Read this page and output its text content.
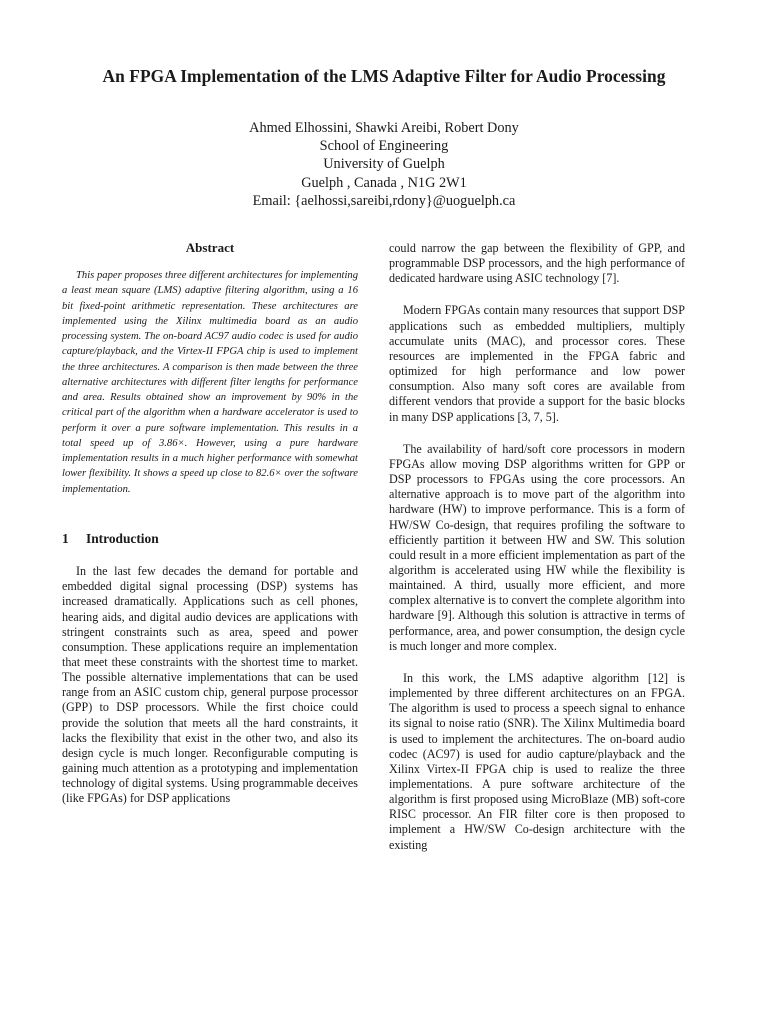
An FPGA Implementation of the LMS Adaptive Filter for Audio Processing
Ahmed Elhossini, Shawki Areibi, Robert Dony
School of Engineering
University of Guelph
Guelph , Canada , N1G 2W1
Email: {aelhossi,sareibi,rdony}@uoguelph.ca
Abstract

This paper proposes three different architectures for implementing a least mean square (LMS) adaptive filtering algorithm, using a 16 bit fixed-point arithmetic representation. These architectures are implemented using the Xilinx multimedia board as an audio processing system. The on-board AC97 audio codec is used for audio capture/playback, and the Virtex-II FPGA chip is used to implement the three architectures. A comparison is then made between the three alternative architectures with different filter lengths for performance and area. Results obtained show an improvement by 90% in the critical part of the algorithm when a hardware accelerator is used to perform it over a pure software implementation. This results in a total speed up of 3.86×. However, using a pure hardware implementation results in a much higher performance with somewhat lower flexibility. It shows a speed up close to 82.6× over the software implementation.

1 Introduction

In the last few decades the demand for portable and embedded digital signal processing (DSP) systems has increased dramatically. Applications such as cell phones, hearing aids, and digital audio devices are applications with stringent constraints such as area, speed and power consumption. These applications require an implementation that meet these constraints with the shortest time to market. The possible alternative implementations that can be used range from an ASIC custom chip, general purpose processor (GPP) to DSP processors. While the first choice could provide the solution that meets all the hard constraints, it lacks the flexibility that exist in the other two, and also its design cycle is much longer. Reconfigurable computing is gaining much attention as a prototyping and implementation technology of digital systems. Using programmable deceives (like FPGAs) for DSP applications

could narrow the gap between the flexibility of GPP, and programmable DSP processors, and the high performance of dedicated hardware using ASIC technology [7].

Modern FPGAs contain many resources that support DSP applications such as embedded multipliers, multiply accumulate units (MAC), and processor cores. These resources are implemented in the FPGA fabric and optimized for high performance and low power consumption. Also many soft cores are available from different vendors that provide a support for the basic blocks in many DSP applications [3, 7, 5].

The availability of hard/soft core processors in modern FPGAs allow moving DSP algorithms written for GPP or DSP processors to FPGAs using the core processors. An alternative approach is to move part of the algorithm into hardware (HW) to improve performance. This is a form of HW/SW Co-design, that requires profiling the software to efficiently partition it between HW and SW. This solution could result in a more efficient implementation as part of the algorithm is accelerated using HW while the flexibility is maintained. A third, usually more efficient, and more complex alternative is to convert the complete algorithm into hardware [9]. Although this solution is attractive in terms of performance, area, and power consumption, the design cycle is much longer and more complex.

In this work, the LMS adaptive algorithm [12] is implemented by three different architectures on an FPGA. The algorithm is used to process a speech signal to enhance its signal to noise ratio (SNR). The Xilinx Multimedia board is used to implement the architectures. The on-board audio codec (AC97) is used for audio capture/playback and the Xilinx Virtex-II FPGA chip is used to realize the three implementations. A pure software architecture of the algorithm is first proposed using MicroBlaze (MB) soft-core RISC processor. An FIR filter core is then proposed to implement a HW/SW Co-design architecture with the existing
